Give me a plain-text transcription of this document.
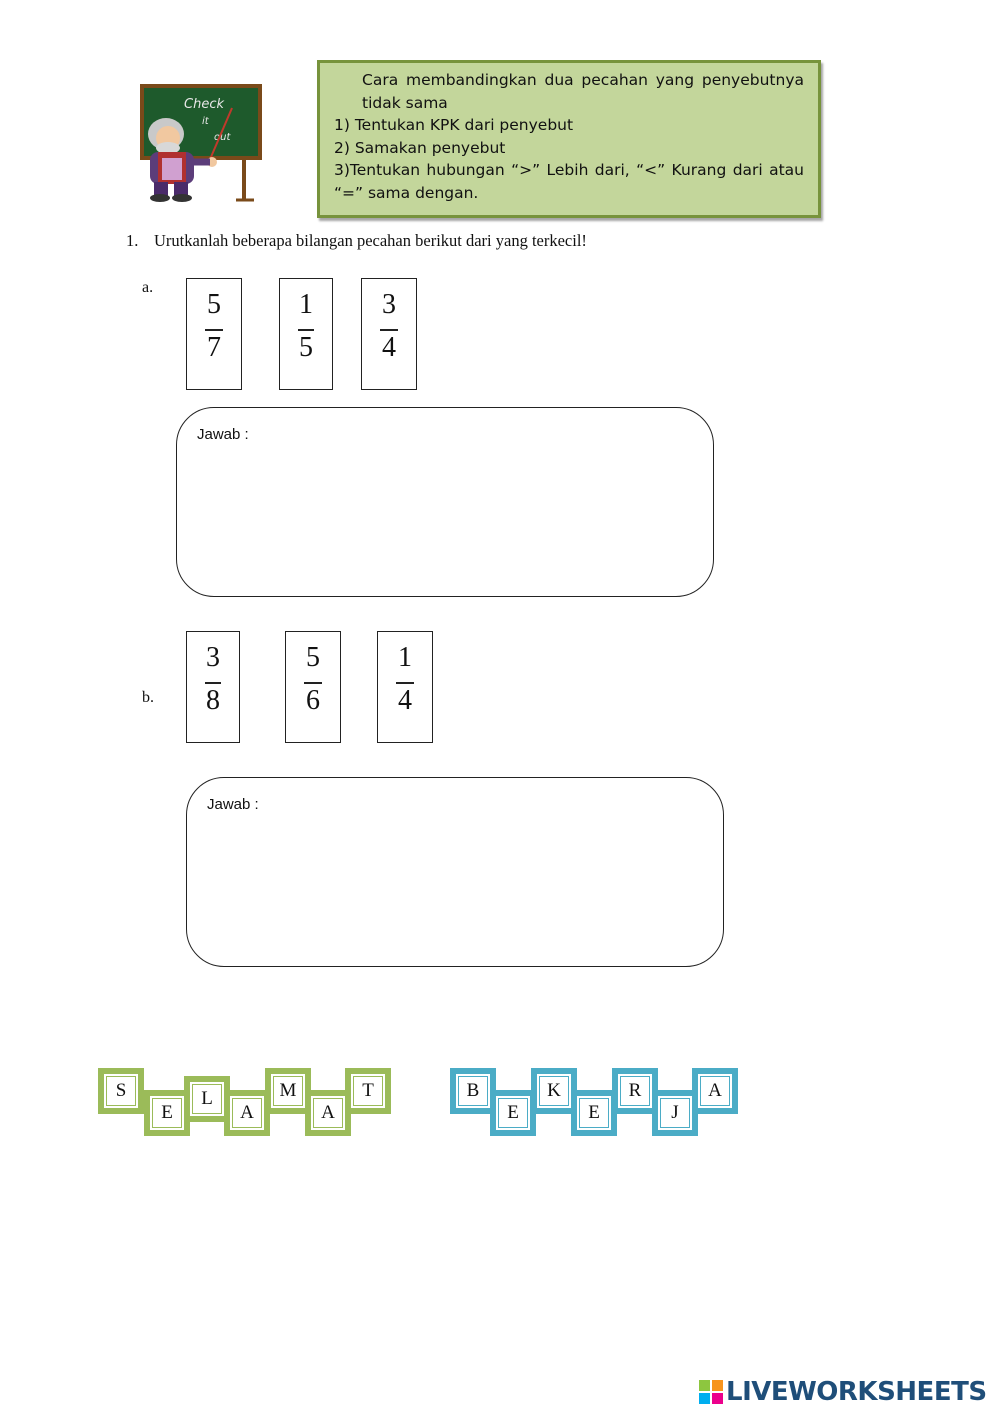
Check
it
out
Cara membandingkan dua pecahan yang penyebutnya tidak sama
1) Tentukan KPK dari penyebut
2) Samakan penyebut
3)Tentukan hubungan “>” Lebih dari, “<” Kurang dari atau “=” sama dengan.
1. Urutkanlah beberapa bilangan pecahan berikut dari yang terkecil!
a.
5
7
1
5
3
4
Jawab :
b.
3
8
5
6
1
4
Jawab :
S
E
L
A
M
A
T	B
E
K
E
R
J
A
LIVEWORKSHEETS
